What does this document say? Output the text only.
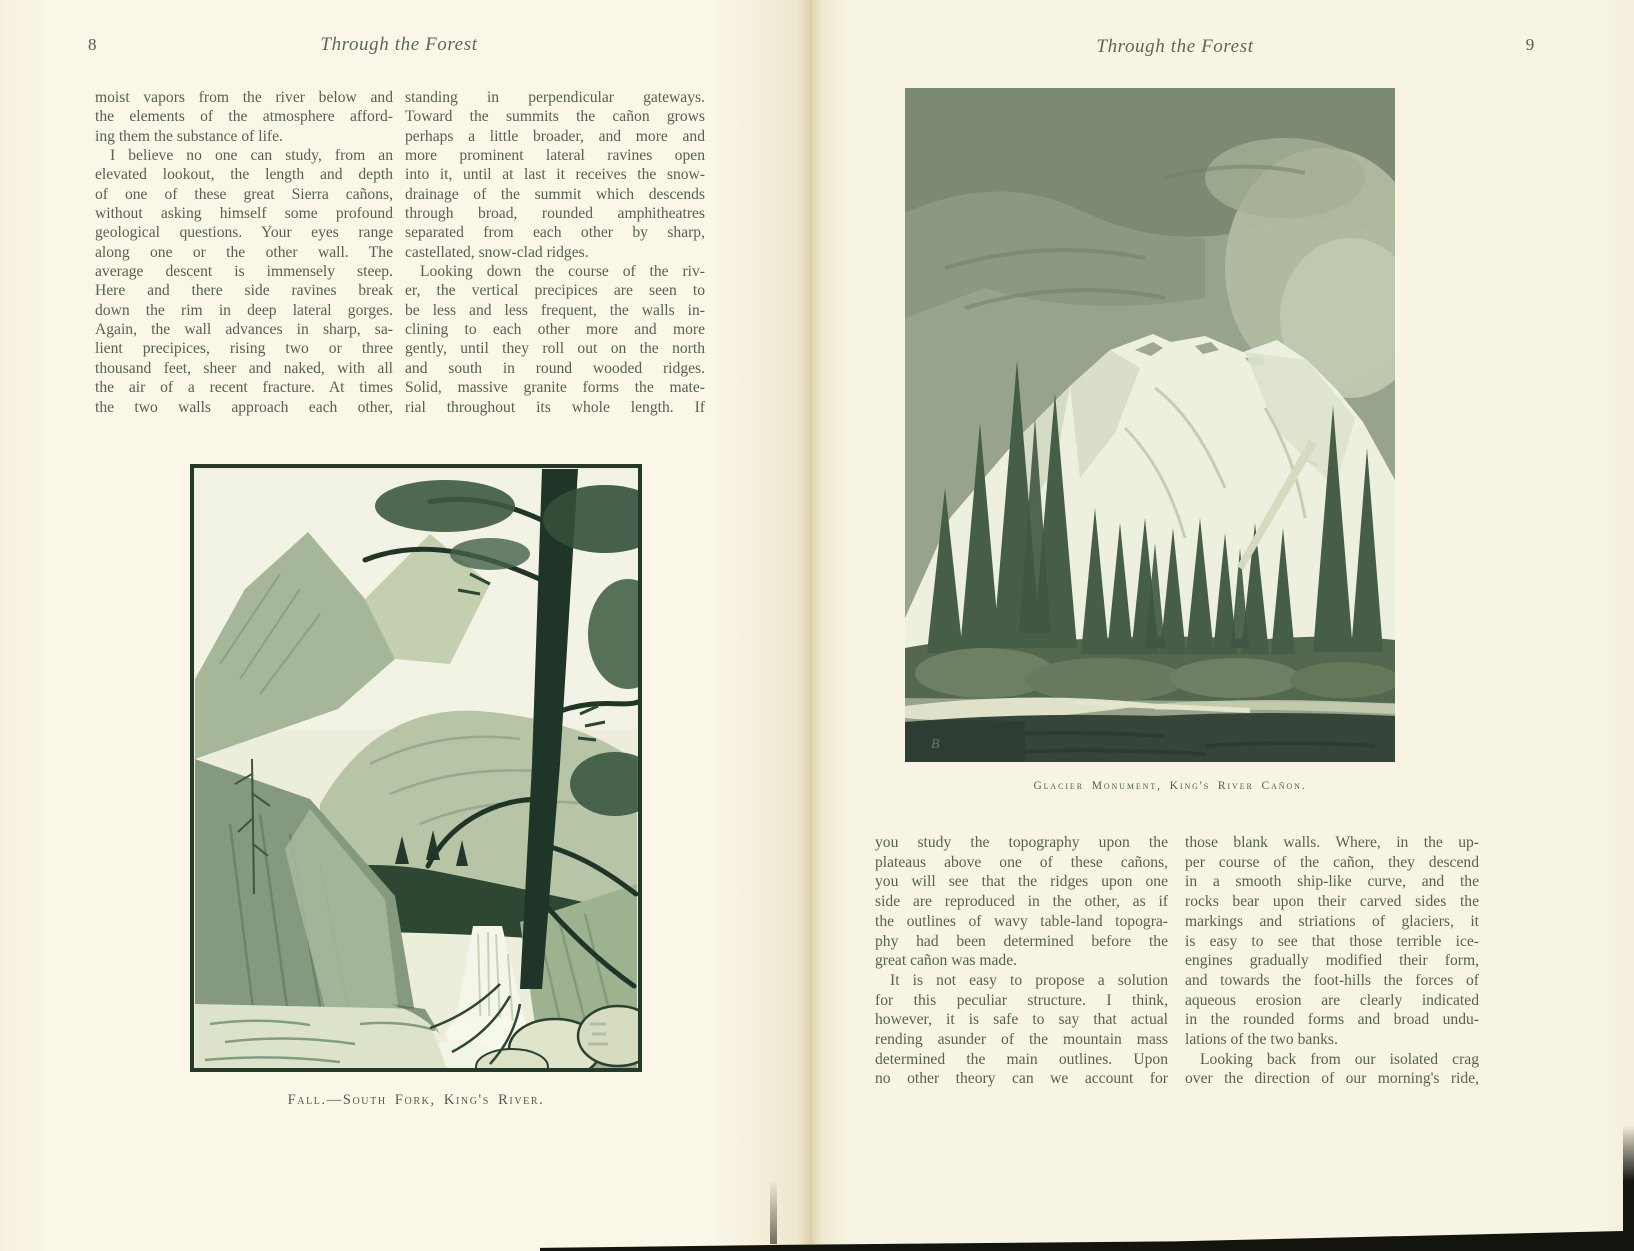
8	Through the Forest
moist vapors from the river below and
the elements of the atmosphere afford-
ing them the substance of life.
I believe no one can study, from an
elevated lookout, the length and depth
of one of these great Sierra cañons,
without asking himself some profound
geological questions. Your eyes range
along one or the other wall. The
average descent is immensely steep.
Here and there side ravines break
down the rim in deep lateral gorges.
Again, the wall advances in sharp, sa-
lient precipices, rising two or three
thousand feet, sheer and naked, with all
the air of a recent fracture. At times
the two walls approach each other,
standing in perpendicular gateways.
Toward the summits the cañon grows
perhaps a little broader, and more and
more prominent lateral ravines open
into it, until at last it receives the snow-
drainage of the summit which descends
through broad, rounded amphitheatres
separated from each other by sharp,
castellated, snow-clad ridges.
Looking down the course of the riv-
er, the vertical precipices are seen to
be less and less frequent, the walls in-
clining to each other more and more
gently, until they roll out on the north
and south in round wooded ridges.
Solid, massive granite forms the mate-
rial throughout its whole length. If
Fall.—South Fork, King's River.
Through the Forest	9
B
Glacier Monument, King's River Cañon.
you study the topography upon the
plateaus above one of these cañons,
you will see that the ridges upon one
side are reproduced in the other, as if
the outlines of wavy table-land topogra-
phy had been determined before the
great cañon was made.
It is not easy to propose a solution
for this peculiar structure. I think,
however, it is safe to say that actual
rending asunder of the mountain mass
determined the main outlines. Upon
no other theory can we account for
those blank walls. Where, in the up-
per course of the cañon, they descend
in a smooth ship-like curve, and the
rocks bear upon their carved sides the
markings and striations of glaciers, it
is easy to see that those terrible ice-
engines gradually modified their form,
and towards the foot-hills the forces of
aqueous erosion are clearly indicated
in the rounded forms and broad undu-
lations of the two banks.
Looking back from our isolated crag
over the direction of our morning's ride,
